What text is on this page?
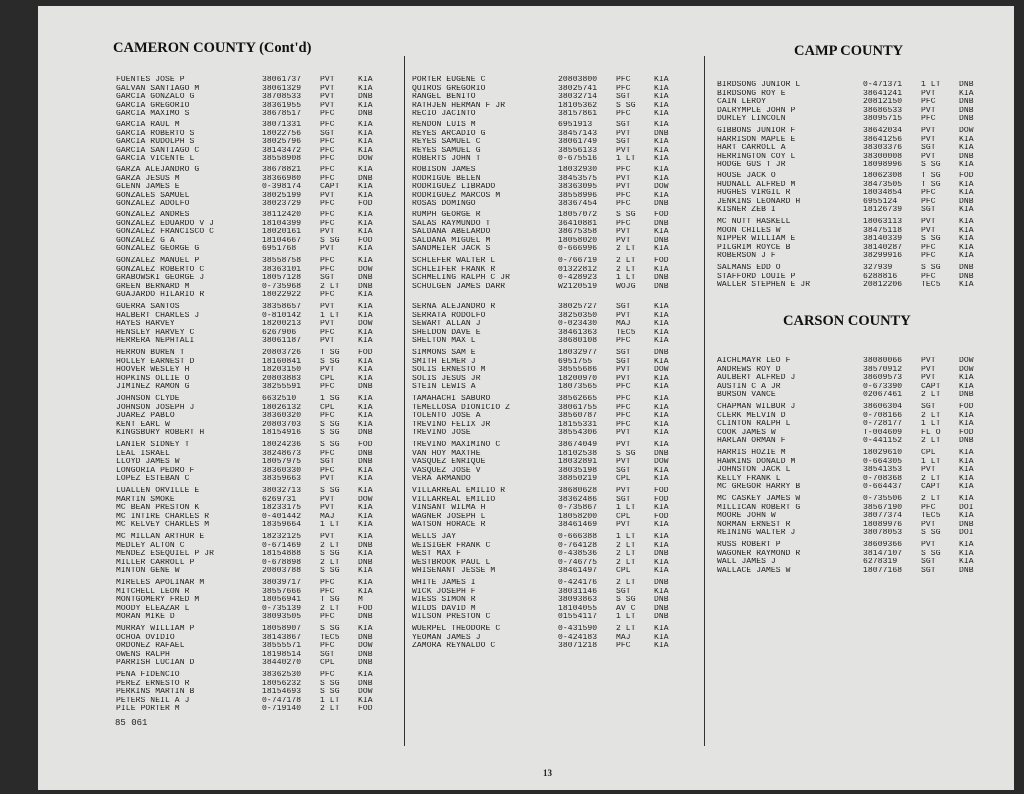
CAMERON COUNTY (Cont'd)	CAMP COUNTY
CARSON COUNTY
FUENTES JOSE P	38061737	PVT	KIA
GALVAN SANTIAGO M	38061329	PVT	KIA
GARCIA GONZALO G	38708533	PVT	DNB
GARCIA GREGORIO	38361955	PVT	KIA
GARCIA MAXIMO S	38678517	PFC	DNB
GARCIA RAUL M	38071331	PFC	KIA
GARCIA ROBERTO S	18022756	SGT	KIA
GARCIA RUDOLPH S	38025796	PFC	KIA
GARCIA SANTIAGO C	38143472	PFC	KIA
GARCIA VICENTE L	38558908	PFC	DOW
GARZA ALEJANDRO G	38678821	PFC	KIA
GARZA JESUS M	38366980	PFC	DNB
GLENN JAMES E	0-398174	CAPT	KIA
GONZALES SAMUEL	38025199	PVT	KIA
GONZALEZ ADOLFO	38023729	PFC	FOD
GONZALEZ ANDRES	38112420	PFC	KIA
GONZALEZ EDUARDO V J	18104399	PFC	KIA
GONZALEZ FRANCISCO C	18020161	PVT	KIA
GONZALEZ G A	18104667	S SG	FOD
GONZALEZ GEORGE G	6951768	PVT	KIA
GONZALEZ MANUEL P	38558758	PFC	KIA
GONZALEZ ROBERTO C	38363101	PFC	DOW
GRABOWSKI GEORGE J	18057128	SGT	DNB
GREEN BERNARD M	0-735968	2 LT	DNB
GUAJARDO HILARIO R	18022922	PFC	KIA
GUERRA SANTOS	38358657	PVT	KIA
HALBERT CHARLES J	0-810142	1 LT	KIA
HAYES HARVEY	18200213	PVT	DOW
HENSLEY HARVEY C	6267906	PFC	KIA
HERRERA NEPHTALI	38061187	PVT	KIA
HERRON BUREN T	20803726	T SG	FOD
HOLLEY EARNEST D	18160841	S SG	KIA
HOOVER WESLEY H	18203150	PVT	KIA
HOPKINS OLLIE O	20803883	CPL	KIA
JIMINEZ RAMON G	38255591	PFC	DNB
JOHNSON CLYDE	6632510	1 SG	KIA
JOHNSON JOSEPH J	18026132	CPL	KIA
JUAREZ PABLO	38360320	PFC	KIA
KENT EARL W	20803703	S SG	KIA
KINGSBURY ROBERT H	18154916	S SG	DNB
LANIER SIDNEY T	18024236	S SG	FOD
LEAL ISRAEL	38248673	PFC	DNB
LLOYD JAMES W	18057975	SGT	DNB
LONGORIA PEDRO F	38360330	PFC	KIA
LOPEZ ESTEBAN C	38359663	PVT	KIA
LUALLEN ORVILLE E	38032713	S SG	KIA
MARTIN SMOKE	6269731	PVT	DOW
MC BEAN PRESTON K	18233175	PVT	KIA
MC INTIRE CHARLES R	0-401442	MAJ	KIA
MC KELVEY CHARLES M	18359664	1 LT	KIA
MC MILLAN ARTHUR E	18232125	PVT	KIA
MEDLEY ALTON C	0-671469	2 LT	DNB
MENDEZ ESEQUIEL P JR	18154888	S SG	KIA
MILLER CARROLL P	0-678898	2 LT	DNB
MINTON GENE W	20803788	S SG	KIA
MIRELES APOLINAR M	38039717	PFC	KIA
MITCHELL LEON R	38557666	PFC	KIA
MONTGOMERY FRED M	18056941	T SG	M
MOODY ELEAZAR L	0-735139	2 LT	FOD
MORAN MIKE D	38093505	PFC	DNB
MURRAY WILLIAM P	18058907	S SG	KIA
OCHOA OVIDIO	38143867	TEC5	DNB
ORDONEZ RAFAEL	38555571	PFC	DOW
OWENS RALPH	18198514	SGT	DNB
PARRISH LUCIAN D	38440270	CPL	DNB
PENA FIDENCIO	38362530	PFC	KIA
PEREZ ERNESTO R	18056232	S SG	DNB
PERKINS MARTIN B	18154693	S SG	DOW
PETERS NEIL A J	0-747178	1 LT	KIA
PILE PORTER M	0-719140	2 LT	FOD
PORTER EUGENE C	20803800	PFC	KIA
QUIROS GREGORIO	38025741	PFC	KIA
RANGEL BENITO	38032714	SGT	KIA
RATHJEN HERMAN F JR	18105362	S SG	KIA
RECIO JACINTO	38157861	PFC	KIA
RENDON LUIS M	6951913	SGT	KIA
REYES ARCADIO G	38457143	PVT	DNB
REYES SAMUEL C	38061749	SGT	KIA
REYES SAMUEL G	38556133	PVT	KIA
ROBERTS JOHN T	0-675516	1 LT	KIA
ROBISON JAMES	18032930	PFC	KIA
RODRIGUE BELEN	38453575	PVT	KIA
RODRIGUEZ LIBRADO	38363095	PVT	DOW
RODRIGUEZ MARCOS M	38558996	PFC	KIA
ROSAS DOMINGO	38367454	PFC	DNB
RUMPH GEORGE R	18057072	S SG	FOD
SALAS RAYMUNDO T	36410881	PFC	DNB
SALDANA ABELARDO	38675358	PVT	KIA
SALDANA MIGUEL M	18058020	PVT	DNB
SANDMEIER JACK S	0-666996	2 LT	KIA
SCHLEFER WALTER L	0-766719	2 LT	FOD
SCHLEIFER FRANK R	01322812	2 LT	KIA
SCHMELING RALPH C JR	0-428923	1 LT	DNB
SCHULGEN JAMES DARR	W2120519	WOJG	DNB
SERNA ALEJANDRO R	38025727	SGT	KIA
SERRATA RODOLFO	38250350	PVT	KIA
SEWART ALLAN J	0-023430	MAJ	KIA
SHELDON DAVE E	38461363	TEC5	KIA
SHELTON MAX L	38680108	PFC	KIA
SIMMONS SAM E	18032977	SGT	DNB
SMITH ELMER J	6951755	SGT	KIA
SOLIS ERNESTO M	38555686	PVT	DOW
SOLIS JESUS JR	18200970	PVT	KIA
STEIN LEWIS A	18073565	PFC	KIA
TAMAHACHI SABURO	38562665	PFC	KIA
TEMELLOSA DIONICIO Z	38061755	PFC	KIA
TOLENTO JOSE A	38560787	PFC	KIA
TREVINO FELIX JR	18155331	PFC	KIA
TREVINO JOSE	38554306	PVT	KIA
TREVINO MAXIMINO C	38674049	PVT	KIA
VAN HOY MAXTHE	18102538	S SG	DNB
VASQUEZ ENRIQUE	18032891	PVT	DOW
VASQUEZ JOSE V	38035198	SGT	KIA
VERA ARMANDO	38850219	CPL	KIA
VILLARREAL EMILIO R	38680628	PVT	FOD
VILLARREAL EMILIO	38362486	SGT	FOD
VINSANT WILMA H	0-735867	1 LT	KIA
WAGNER JOSEPH L	18058200	CPL	FOD
WATSON HORACE R	38461469	PVT	KIA
WELLS JAY	0-666388	1 LT	KIA
WEISIGER FRANK C	0-764128	2 LT	KIA
WEST MAX F	0-438536	2 LT	DNB
WESTBROOK PAUL L	0-746775	2 LT	KIA
WHISENANT JESSE M	38461497	CPL	KIA
WHITE JAMES I	0-424176	2 LT	DNB
WICK JOSEPH F	38031146	SGT	KIA
WIESS SIMON R	38093863	S SG	DNB
WILDS DAVID M	18104055	AV C	DNB
WILSON PRESTON C	01554117	1 LT	DNB
WUERPEL THEODORE C	0-431590	2 LT	KIA
YEOMAN JAMES J	0-424183	MAJ	KIA
ZAMORA REYNALDO C	38071218	PFC	KIA
BIRDSONG JUNIOR L	0-471371	1 LT	DNB
BIRDSONG ROY E	38641241	PVT	KIA
CAIN LEROY	20812150	PFC	DNB
DALRYMPLE JOHN P	38686533	PVT	DNB
DURLEY LINCOLN	38095715	PFC	DNB
GIBBONS JUNIOR F	38642034	PVT	DOW
HARRISON MAPLE E	38641256	PVT	KIA
HART CARROLL A	38303376	SGT	KIA
HERRINGTON COY L	38300008	PVT	DNB
HODGE GUS T JR	18098996	S SG	KIA
HOUSE JACK O	18062308	T SG	FOD
HUDNALL ALFRED M	38473505	T SG	KIA
HUGHES VIRGIL R	18034854	PFC	KIA
JENKINS LEONARD H	6955124	PFC	DNB
KISNER ZEB I	18126739	SGT	KIA
MC NUTT HASKELL	18063113	PVT	KIA
MOON CHILES W	38475118	PVT	KIA
NIPPER WILLIAM E	38140339	S SG	KIA
PILGRIM ROYCE B	38140287	PFC	KIA
ROBERSON J F	38299916	PFC	KIA
SALMANS EDD O	327939	S SG	DNB
STAFFORD LOUIE P	6288816	PFC	DNB
WALLER STEPHEN E JR	20812206	TEC5	KIA
AICHLMAYR LEO F	38080066	PVT	DOW
ANDREWS ROY D	38570912	PVT	DOW
AULBERT ALFRED J	38609573	PVT	KIA
AUSTIN C A JR	0-673390	CAPT	KIA
BURSON VANCE	02067461	2 LT	DNB
CHAPMAN WILBUR J	38606304	SGT	FOD
CLERK MELVIN D	0-708166	2 LT	KIA
CLINTON RALPH L	0-728177	1 LT	KIA
COOK JAMES W	T-004609	FL O	FOD
HARLAN ORMAN F	0-441152	2 LT	DNB
HARRIS HOZIE M	18029610	CPL	KIA
HAWKINS DONALD M	0-664305	1 LT	KIA
JOHNSTON JACK L	38541353	PVT	KIA
KELLY FRANK L	0-708368	2 LT	KIA
MC GREGOR HARRY B	0-664437	CAPT	KIA
MC CASKEY JAMES W	0-735506	2 LT	KIA
MILLICAN ROBERT G	38567190	PFC	DOI
MOORE JOHN W	38077374	TEC5	KIA
NORMAN ERNEST R	18089976	PVT	DNB
REINING WALTER J	38078053	S SG	DOI
RUSS ROBERT P	38609366	PVT	KIA
WAGONER RAYMOND R	38147107	S SG	KIA
WALL JAMES J	6278319	SGT	KIA
WALLACE JAMES W	18077168	SGT	DNB
85 061
13
